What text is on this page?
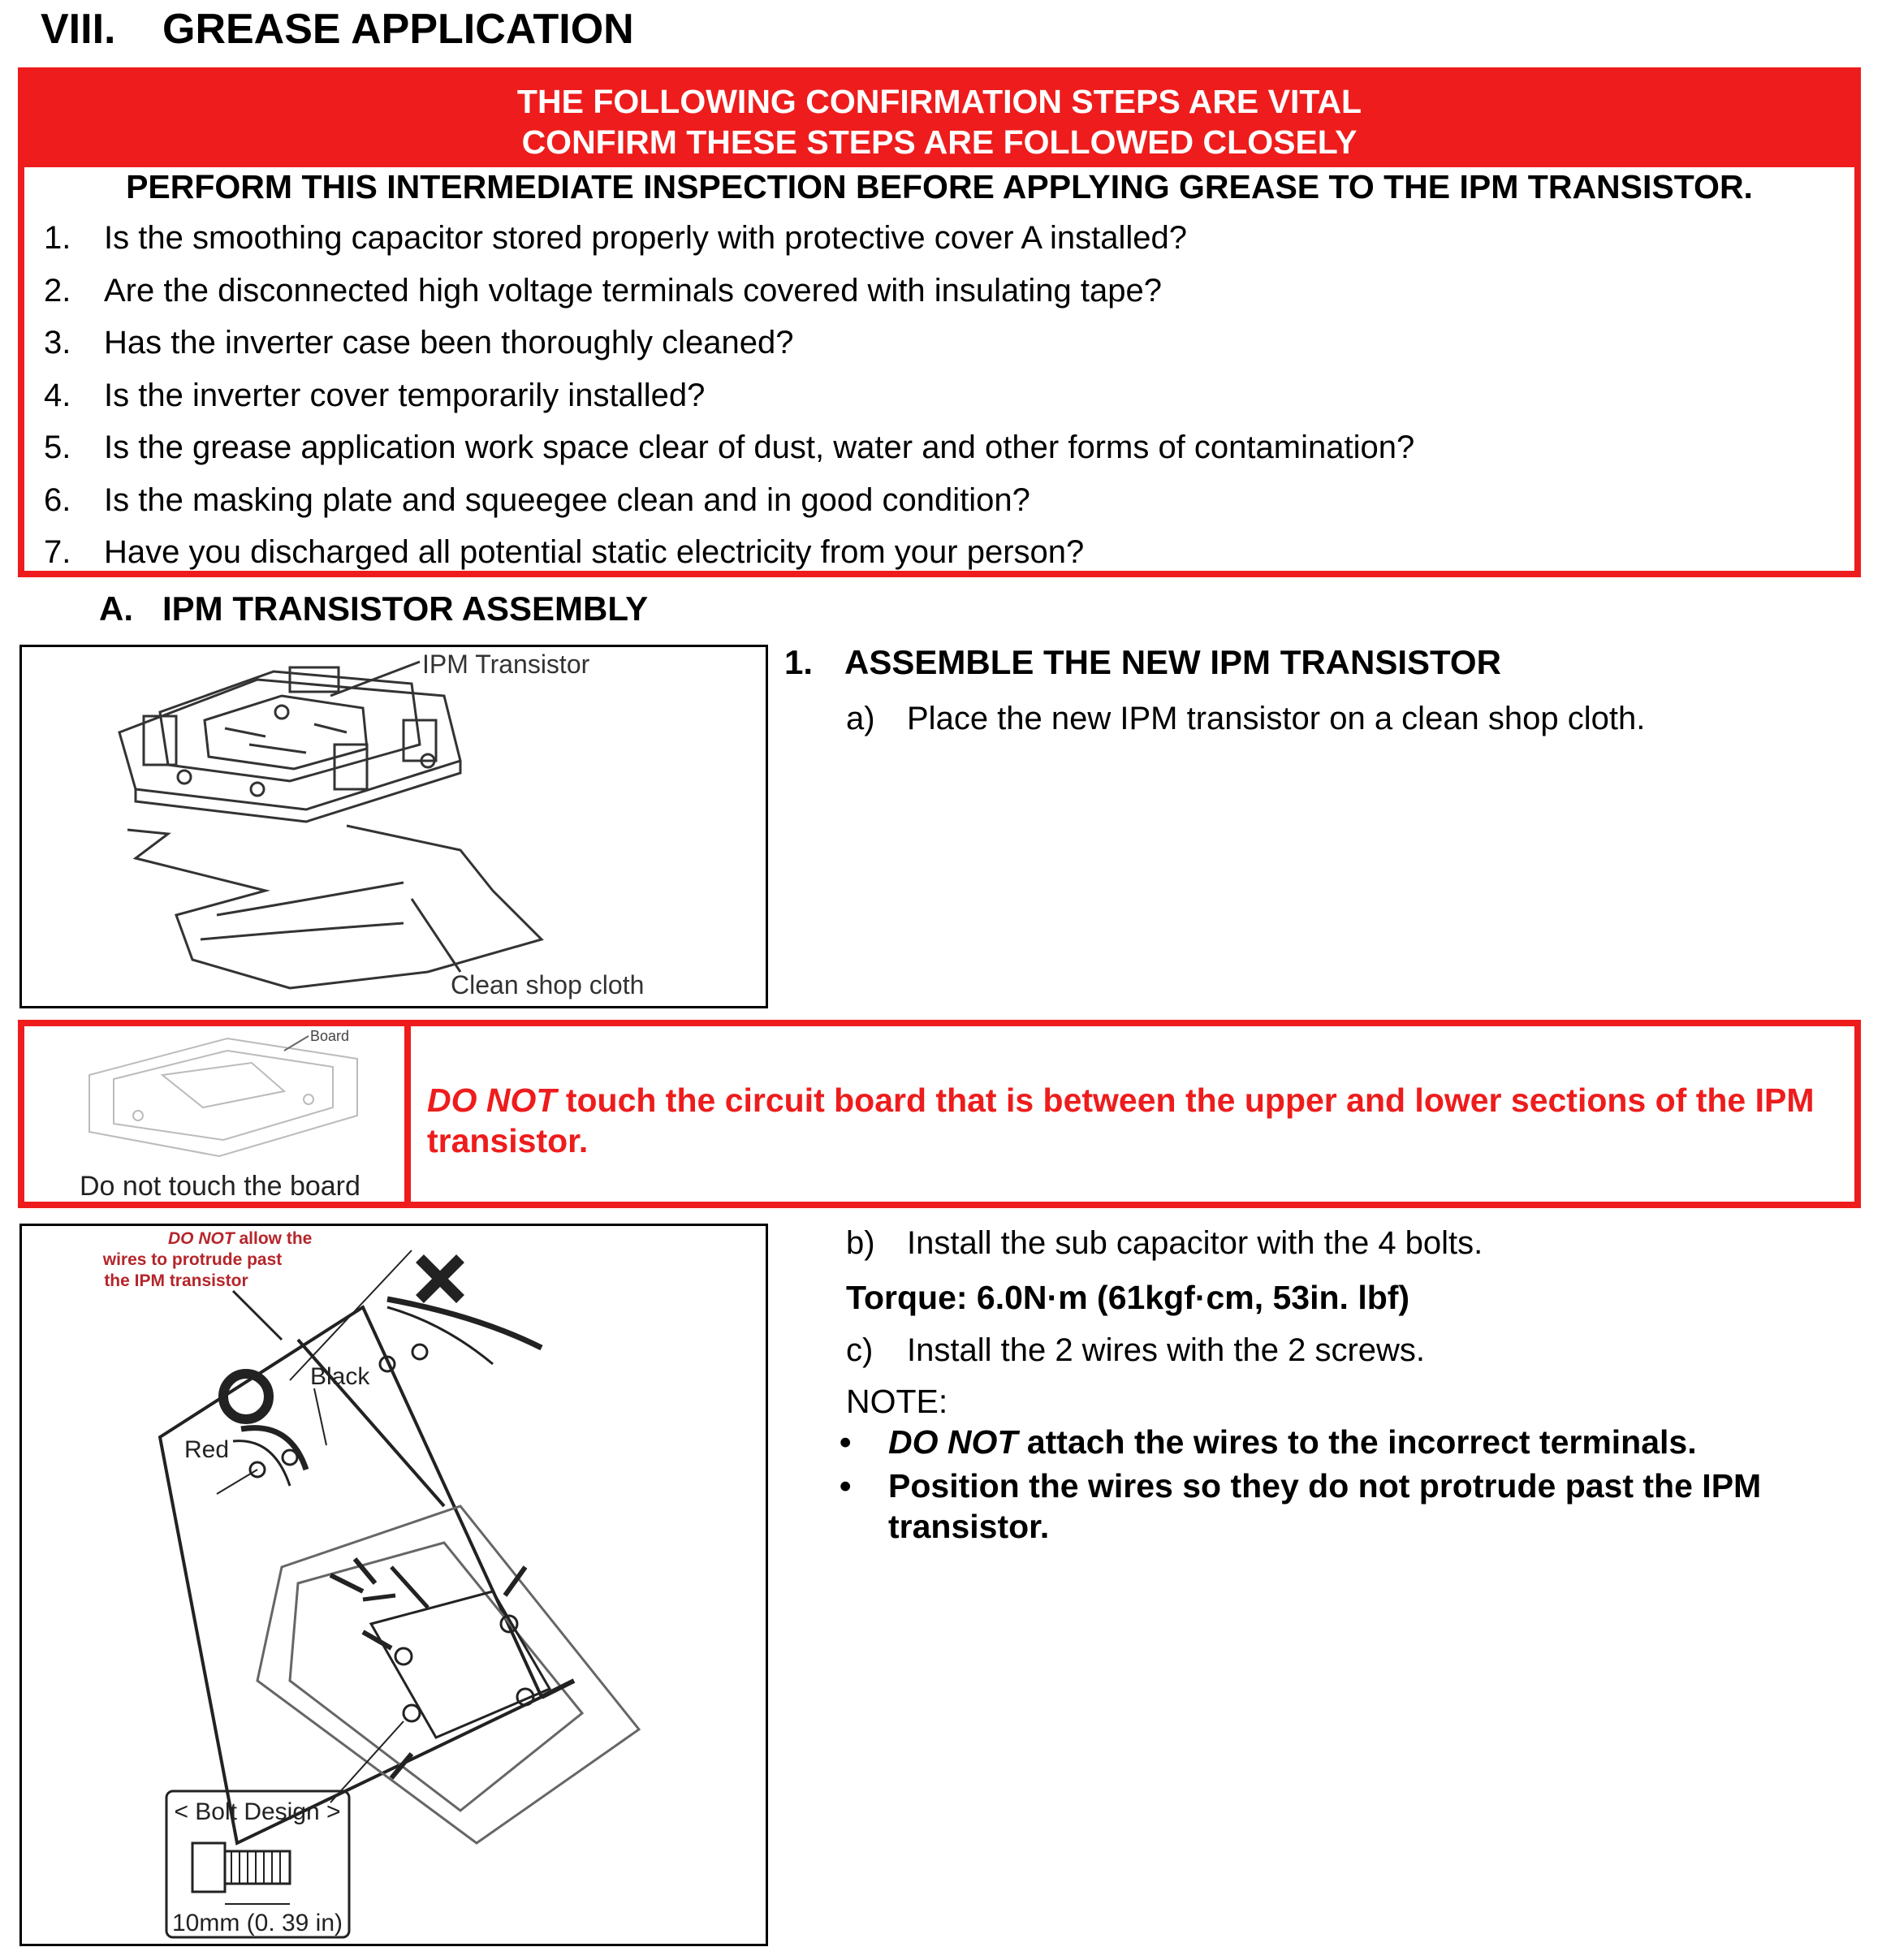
VIII. GREASE APPLICATION
THE FOLLOWING CONFIRMATION STEPS ARE VITAL
CONFIRM THESE STEPS ARE FOLLOWED CLOSELY
PERFORM THIS INTERMEDIATE INSPECTION BEFORE APPLYING GREASE TO THE IPM TRANSISTOR.
1. Is the smoothing capacitor stored properly with protective cover A installed?
2. Are the disconnected high voltage terminals covered with insulating tape?
3. Has the inverter case been thoroughly cleaned?
4. Is the inverter cover temporarily installed?
5. Is the grease application work space clear of dust, water and other forms of contamination?
6. Is the masking plate and squeegee clean and in good condition?
7. Have you discharged all potential static electricity from your person?
A. IPM TRANSISTOR ASSEMBLY
IPM Transistor
Clean shop cloth
1. ASSEMBLE THE NEW IPM TRANSISTOR
a) Place the new IPM transistor on a clean shop cloth.
Board
Do not touch the board
DO NOT touch the circuit board that is between the upper and lower sections of the IPM transistor.
DO NOT allow the
wires to protrude past
the IPM transistor
Black
Red
< Bolt Design >
10mm (0. 39 in)
b) Install the sub capacitor with the 4 bolts.
Torque: 6.0N·m (61kgf·cm, 53in. lbf)
c) Install the 2 wires with the 2 screws.
NOTE:
• DO NOT attach the wires to the incorrect terminals.
• Position the wires so they do not protrude past the IPM transistor.
